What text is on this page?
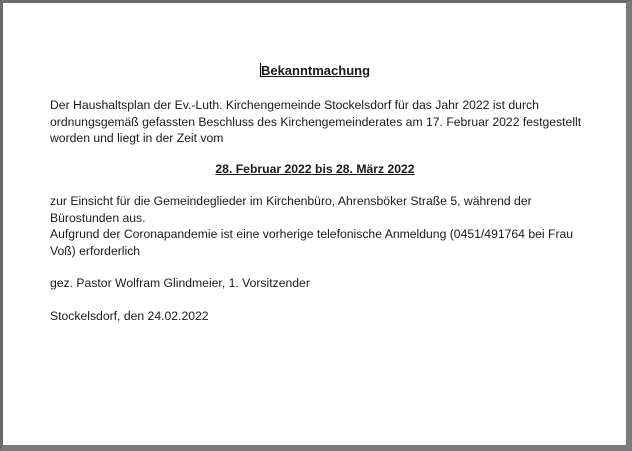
Bekanntmachung

Der Haushaltsplan der Ev.-Luth. Kirchengemeinde Stockelsdorf für das Jahr 2022 ist durch ordnungsgemäß gefassten Beschluss des Kirchengemeinderates am 17. Februar 2022 festgestellt worden und liegt in der Zeit vom

28. Februar 2022 bis 28. März 2022

zur Einsicht für die Gemeindeglieder im Kirchenbüro, Ahrensböker Straße 5, während der Bürostunden aus.
Aufgrund der Coronapandemie ist eine vorherige telefonische Anmeldung (0451/491764 bei Frau Voß) erforderlich

gez. Pastor Wolfram Glindmeier, 1. Vorsitzender

Stockelsdorf, den 24.02.2022
